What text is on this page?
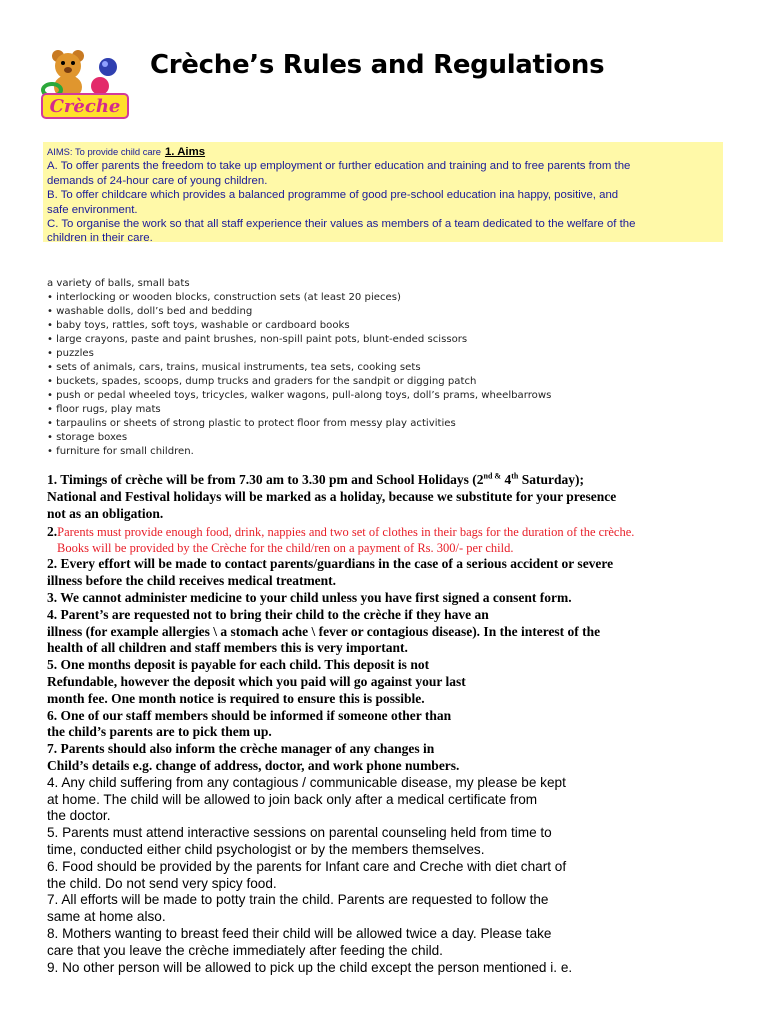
Crèche
Crèche’s Rules and Regulations
AIMS: To provide child care 1. Aims
A. To offer parents the freedom to take up employment or further education and training and to free parents from the
demands of 24-hour care of young children.
B. To offer childcare which provides a balanced programme of good pre-school education ina happy, positive, and
safe environment.
C. To organise the work so that all staff experience their values as members of a team dedicated to the welfare of the
children in their care.
a variety of balls, small bats
• interlocking or wooden blocks, construction sets (at least 20 pieces)
• washable dolls, doll’s bed and bedding
• baby toys, rattles, soft toys, washable or cardboard books
• large crayons, paste and paint brushes, non-spill paint pots, blunt-ended scissors
• puzzles
• sets of animals, cars, trains, musical instruments, tea sets, cooking sets
• buckets, spades, scoops, dump trucks and graders for the sandpit or digging patch
• push or pedal wheeled toys, tricycles, walker wagons, pull-along toys, doll’s prams, wheelbarrows
• floor rugs, play mats
• tarpaulins or sheets of strong plastic to protect floor from messy play activities
• storage boxes
• furniture for small children.
1. Timings of crèche will be from 7.30 am to 3.30 pm and School Holidays ($2^{nd \&}$ 4th Saturday);
National and Festival holidays will be marked as a holiday, because we substitute for your presence
not as an obligation.
2.Parents must provide enough food, drink, nappies and two set of clothes in their bags for the duration of the crèche.
Books will be provided by the Crèche for the child/ren on a payment of Rs. 300/- per child.
2. Every effort will be made to contact parents/guardians in the case of a serious accident or severe
illness before the child receives medical treatment.
3. We cannot administer medicine to your child unless you have first signed a consent form.
4. Parent’s are requested not to bring their child to the crèche if they have an
illness (for example allergies \ a stomach ache \ fever or contagious disease). In the interest of the
health of all children and staff members this is very important.
5. One months deposit is payable for each child. This deposit is not
Refundable, however the deposit which you paid will go against your last
month fee. One month notice is required to ensure this is possible.
6. One of our staff members should be informed if someone other than
the child’s parents are to pick them up.
7. Parents should also inform the crèche manager of any changes in
Child’s details e.g. change of address, doctor, and work phone numbers.
4. Any child suffering from any contagious / communicable disease, my please be kept
at home. The child will be allowed to join back only after a medical certificate from
the doctor.
5. Parents must attend interactive sessions on parental counseling held from time to
time, conducted either child psychologist or by the members themselves.
6. Food should be provided by the parents for Infant care and Creche with diet chart of
the child. Do not send very spicy food.
7. All efforts will be made to potty train the child. Parents are requested to follow the
same at home also.
8. Mothers wanting to breast feed their child will be allowed twice a day. Please take
care that you leave the crèche immediately after feeding the child.
9. No other person will be allowed to pick up the child except the person mentioned i. e.
